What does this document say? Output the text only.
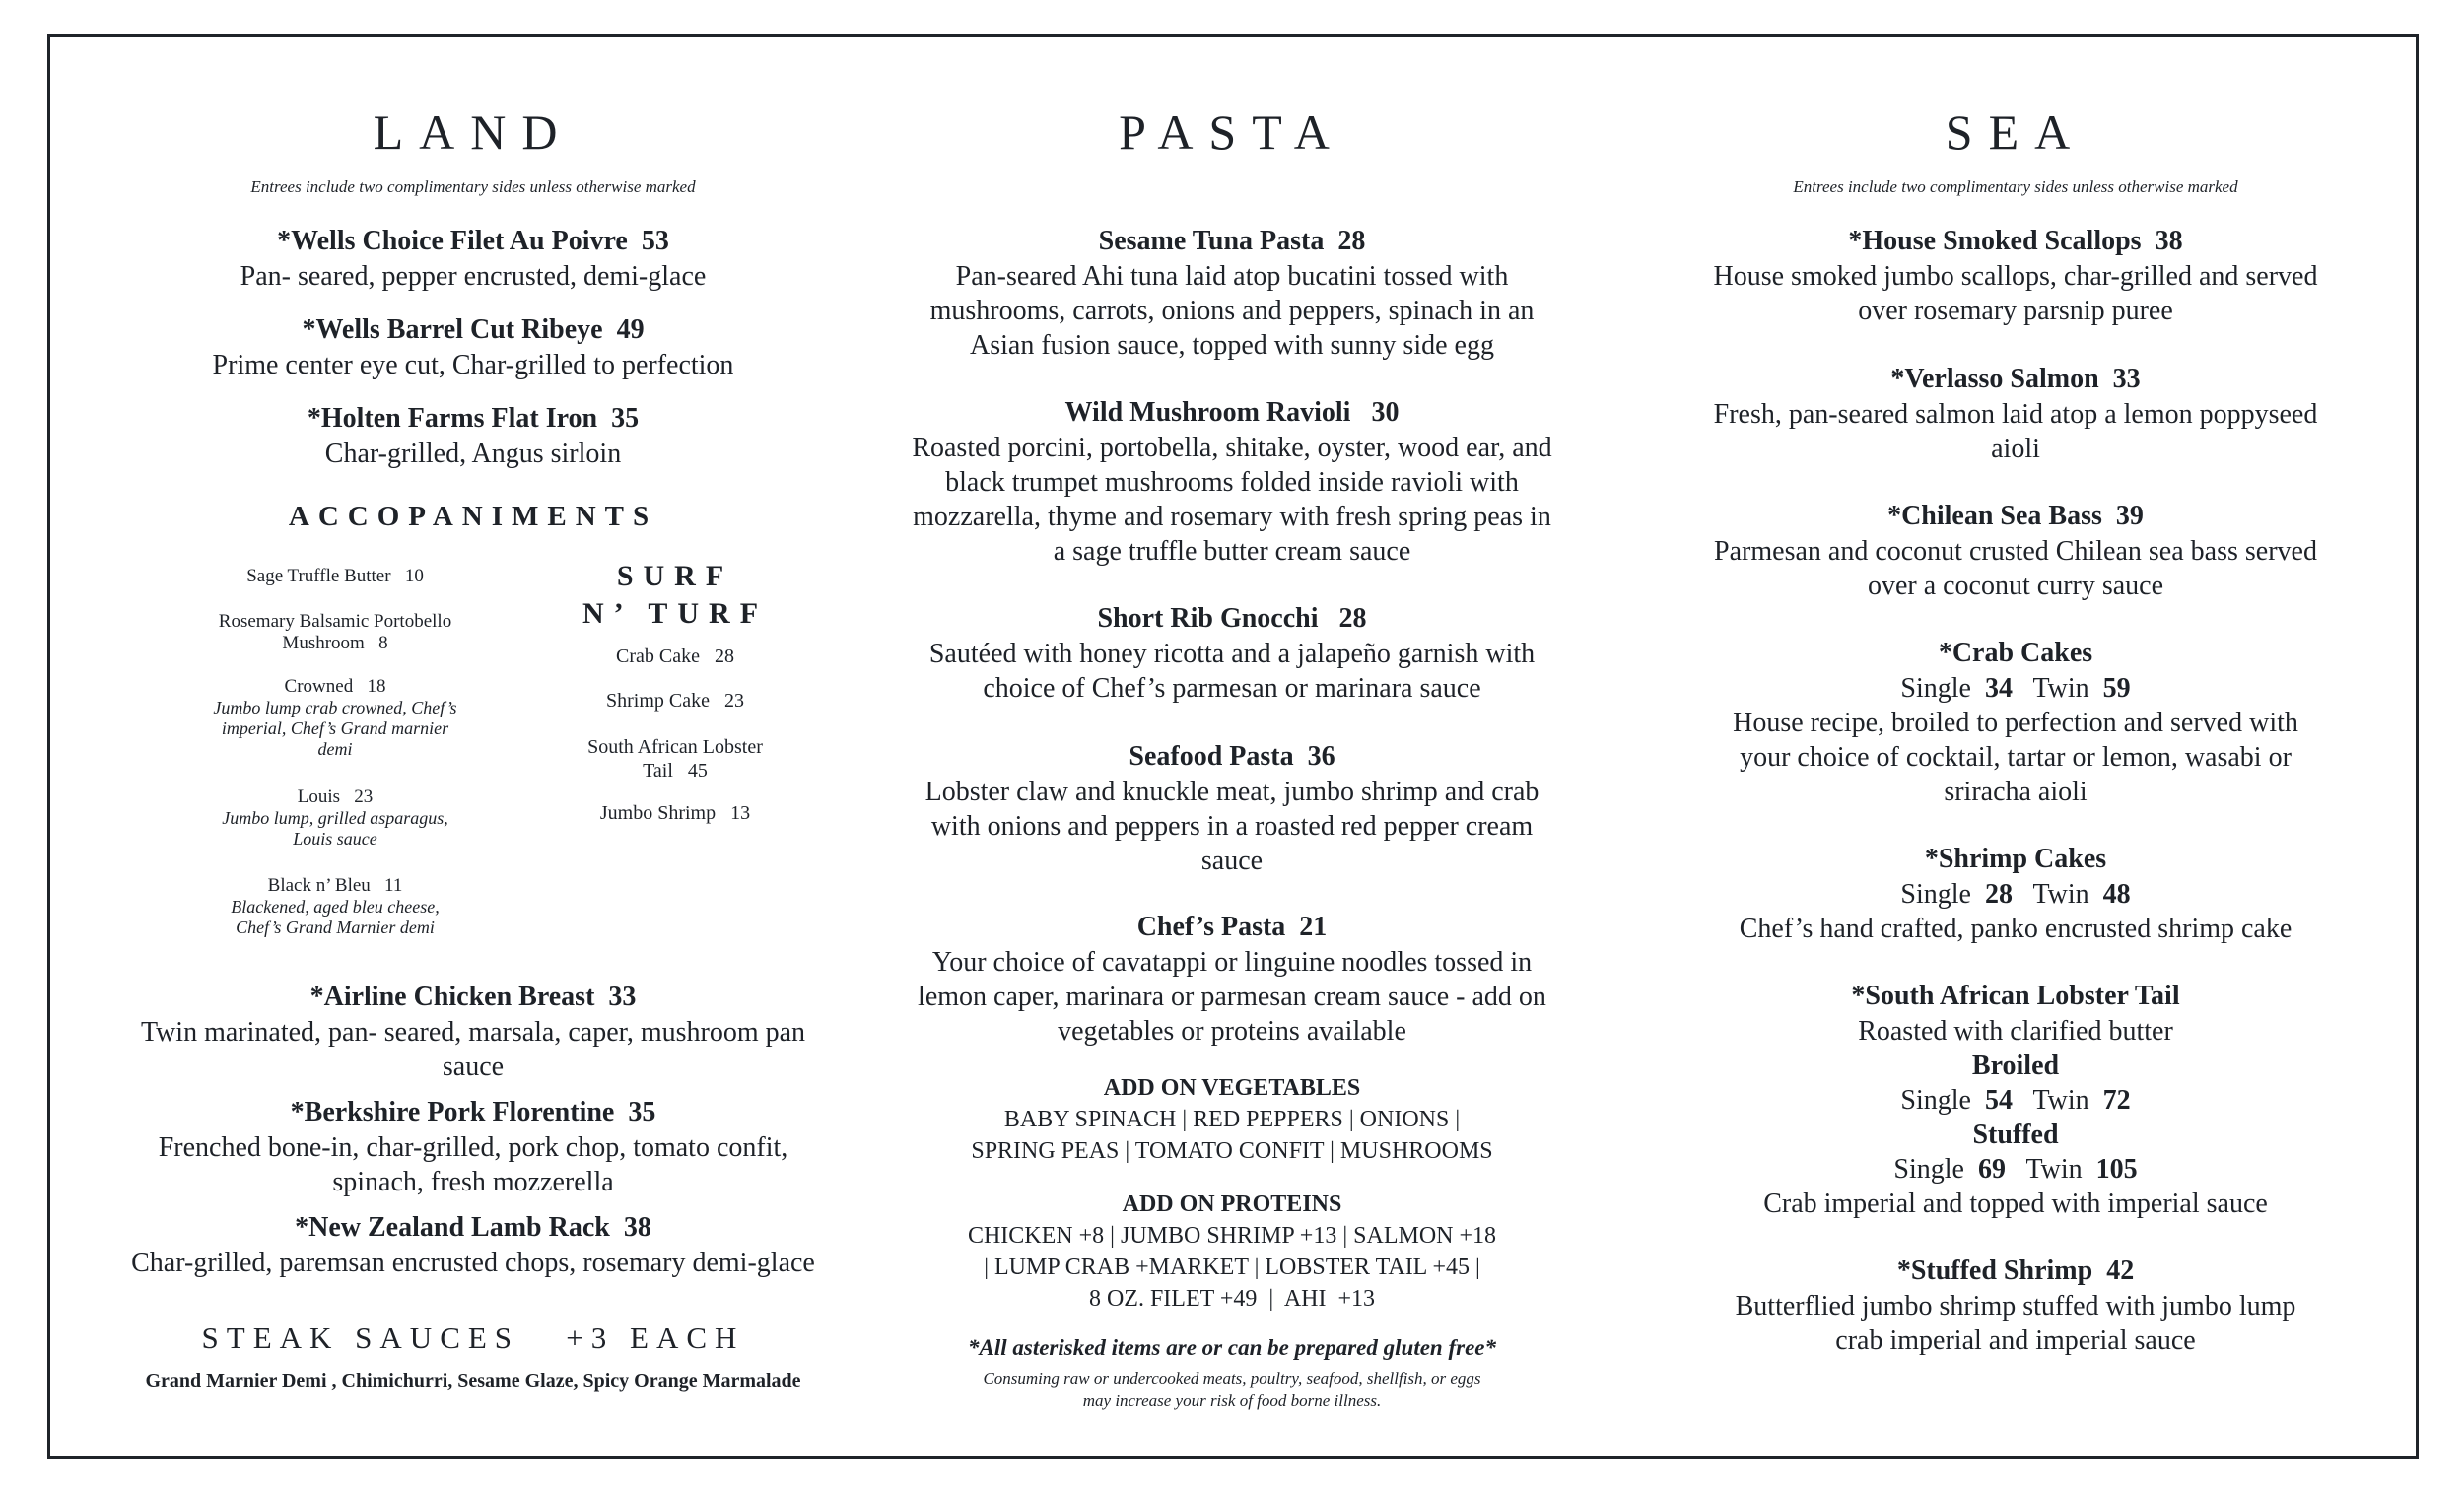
LAND
Entrees include two complimentary sides unless otherwise marked
*Wells Choice Filet Au Poivre 53
Pan- seared, pepper encrusted, demi-glace
*Wells Barrel Cut Ribeye 49
Prime center eye cut, Char-grilled to perfection
*Holten Farms Flat Iron 35
Char-grilled, Angus sirloin
ACCOPANIMENTS
Sage Truffle Butter 10
Rosemary Balsamic Portobello Mushroom 8
Crowned 18
Jumbo lump crab crowned, Chef’s imperial, Chef’s Grand marnier demi
Louis 23
Jumbo lump, grilled asparagus, Louis sauce
Black n’ Bleu 11
Blackened, aged bleu cheese, Chef’s Grand Marnier demi
SURF
N’ TURF
Crab Cake 28
Shrimp Cake 23
South African Lobster Tail 45
Jumbo Shrimp 13
*Airline Chicken Breast 33
Twin marinated, pan- seared, marsala, caper, mushroom pan sauce
*Berkshire Pork Florentine 35
Frenched bone-in, char-grilled, pork chop, tomato confit, spinach, fresh mozzerella
*New Zealand Lamb Rack 38
Char-grilled, paremsan encrusted chops, rosemary demi-glace
STEAK SAUCES   +3 EACH
Grand Marnier Demi , Chimichurri, Sesame Glaze, Spicy Orange Marmalade
PASTA
Sesame Tuna Pasta 28
Pan-seared Ahi tuna laid atop bucatini tossed with mushrooms, carrots, onions and peppers, spinach in an Asian fusion sauce, topped with sunny side egg
Wild Mushroom Ravioli 30
Roasted porcini, portobella, shitake, oyster, wood ear, and black trumpet mushrooms folded inside ravioli with mozzarella, thyme and rosemary with fresh spring peas in a sage truffle butter cream sauce
Short Rib Gnocchi 28
Sautéed with honey ricotta and a jalapeño garnish with choice of Chef’s parmesan or marinara sauce
Seafood Pasta 36
Lobster claw and knuckle meat, jumbo shrimp and crab with onions and peppers in a roasted red pepper cream sauce
Chef’s Pasta 21
Your choice of cavatappi or linguine noodles tossed in lemon caper, marinara or parmesan cream sauce - add on vegetables or proteins available
ADD ON VEGETABLES
BABY SPINACH | RED PEPPERS | ONIONS |
SPRING PEAS | TOMATO CONFIT | MUSHROOMS
ADD ON PROTEINS
CHICKEN +8 | JUMBO SHRIMP +13 | SALMON +18
| LUMP CRAB +MARKET | LOBSTER TAIL +45 |
8 OZ. FILET +49  |  AHI  +13
*All asterisked items are or can be prepared gluten free*
Consuming raw or undercooked meats, poultry, seafood, shellfish, or eggs
may increase your risk of food borne illness.
SEA
Entrees include two complimentary sides unless otherwise marked
*House Smoked Scallops 38
House smoked jumbo scallops, char-grilled and served over rosemary parsnip puree
*Verlasso Salmon 33
Fresh, pan-seared salmon laid atop a lemon poppyseed aioli
*Chilean Sea Bass 39
Parmesan and coconut crusted Chilean sea bass served over a coconut curry sauce
*Crab Cakes
Single 34 Twin 59
House recipe, broiled to perfection and served with your choice of cocktail, tartar or lemon, wasabi or sriracha aioli
*Shrimp Cakes
Single 28 Twin 48
Chef’s hand crafted, panko encrusted shrimp cake
*South African Lobster Tail
Roasted with clarified butter
Broiled
Single 54 Twin 72
Stuffed
Single 69 Twin 105
Crab imperial and topped with imperial sauce
*Stuffed Shrimp 42
Butterflied jumbo shrimp stuffed with jumbo lump crab imperial and imperial sauce
